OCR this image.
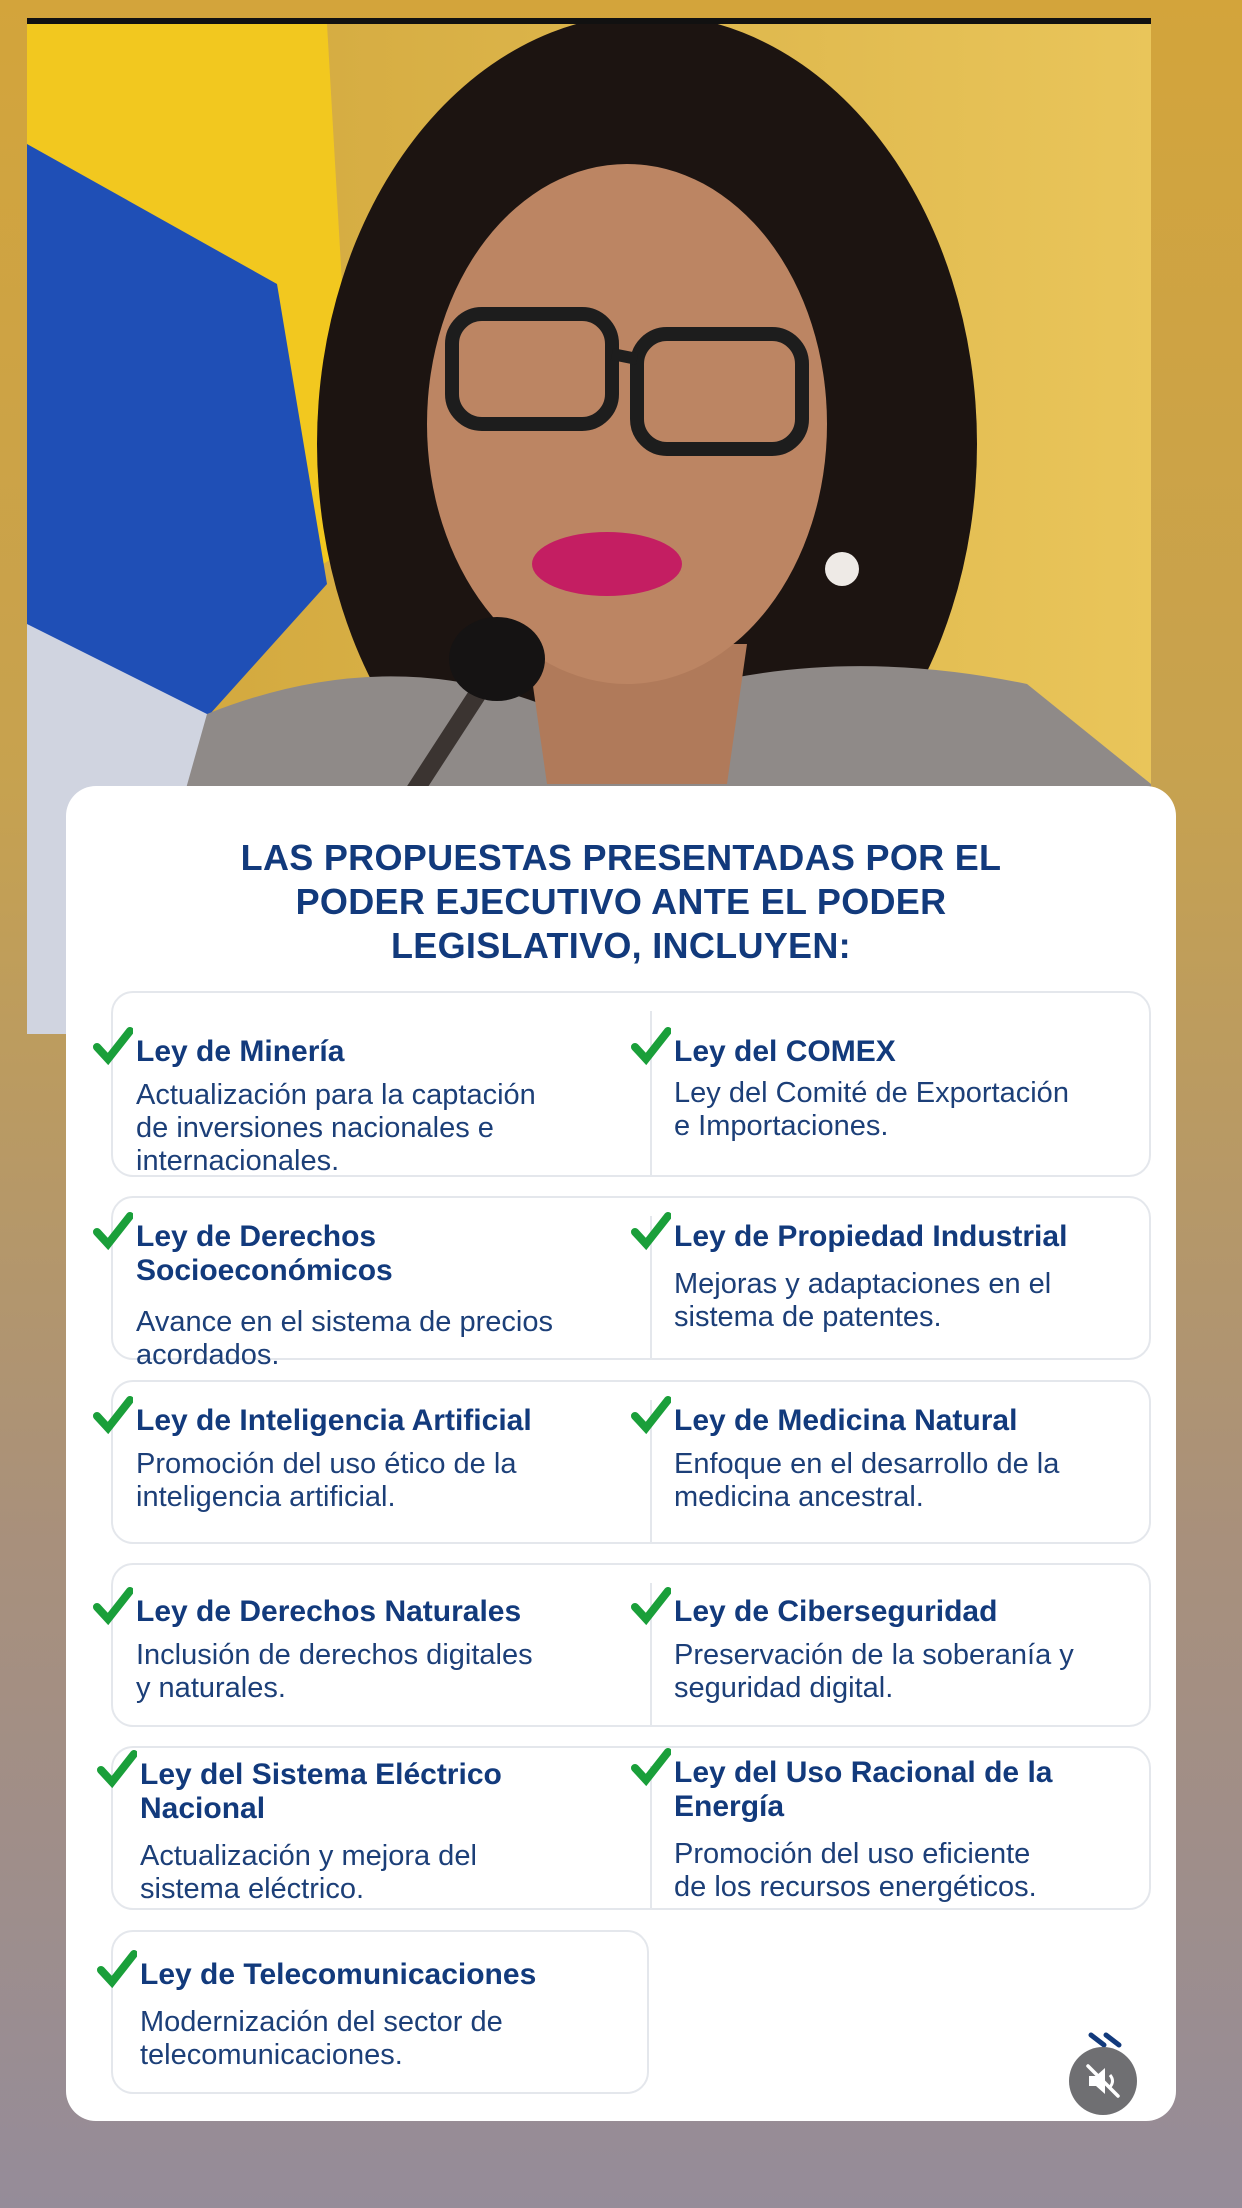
LAS PROPUESTAS PRESENTADAS POR EL
PODER EJECUTIVO ANTE EL PODER
LEGISLATIVO, INCLUYEN:
Ley de Minería
Actualización para la captación
de inversiones nacionales e
internacionales.
Ley del COMEX
Ley del Comité de Exportación
e Importaciones.
Ley de Derechos
Socioeconómicos
Avance en el sistema de precios
acordados.
Ley de Propiedad Industrial
Mejoras y adaptaciones en el
sistema de patentes.
Ley de Inteligencia Artificial
Promoción del uso ético de la
inteligencia artificial.
Ley de Medicina Natural
Enfoque en el desarrollo de la
medicina ancestral.
Ley de Derechos Naturales
Inclusión de derechos digitales
y naturales.
Ley de Ciberseguridad
Preservación de la soberanía y
seguridad digital.
Ley del Sistema Eléctrico
Nacional
Actualización y mejora del
sistema eléctrico.
Ley del Uso Racional de la
Energía
Promoción del uso eficiente
de los recursos energéticos.
Ley de Telecomunicaciones
Modernización del sector de
telecomunicaciones.
